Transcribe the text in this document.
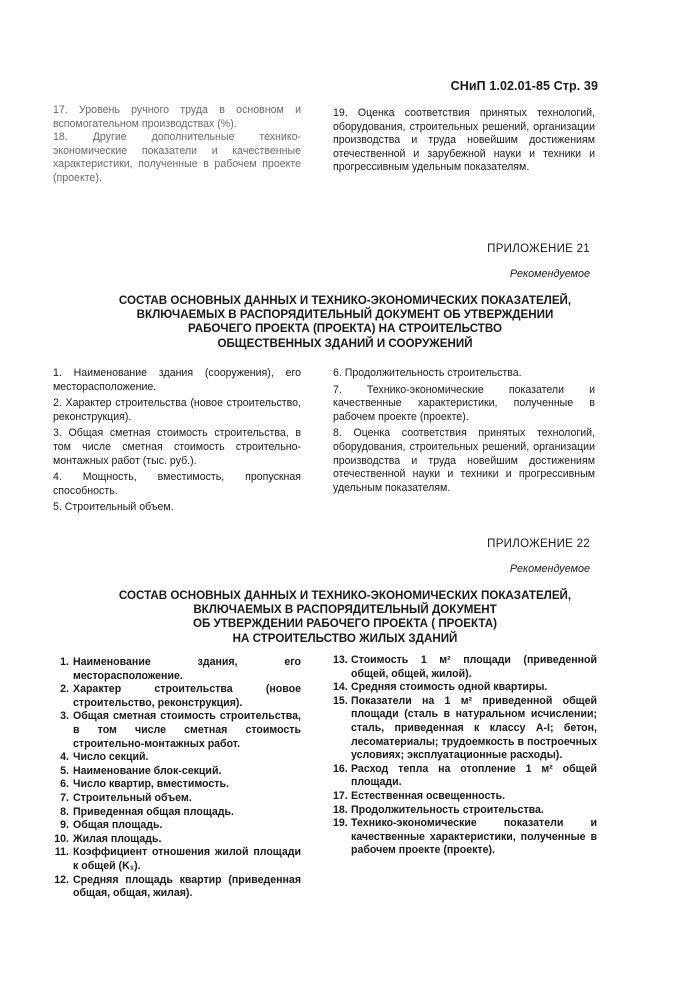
СНиП 1.02.01-85 Стр. 39

17. Уровень ручного труда в основном и вспомогательном производствах (%).

18. Другие дополнительные технико-экономические показатели и качественные характеристики, полученные в рабочем проекте (проекте).

19. Оценка соответствия принятых технологий, оборудования, строительных решений, организации производства и труда новейшим достижениям отечественной и зарубежной науки и техники и прогрессивным удельным показателям.

ПРИЛОЖЕНИЕ 21
Рекомендуемое
СОСТАВ ОСНОВНЫХ ДАННЫХ И ТЕХНИКО-ЭКОНОМИЧЕСКИХ ПОКАЗАТЕЛЕЙ,
ВКЛЮЧАЕМЫХ В РАСПОРЯДИТЕЛЬНЫЙ ДОКУМЕНТ ОБ УТВЕРЖДЕНИИ
РАБОЧЕГО ПРОЕКТА (ПРОЕКТА) НА СТРОИТЕЛЬСТВО
ОБЩЕСТВЕННЫХ ЗДАНИЙ И СООРУЖЕНИЙ

1. Наименование здания (сооружения), его месторасположение.

2. Характер строительства (новое строительство, реконструкция).

3. Общая сметная стоимость строительства, в том числе сметная стоимость строительно-монтажных работ (тыс. руб.).

4. Мощность, вместимость, пропускная способность.

5. Строительный объем.

6. Продолжительность строительства.

7. Технико-экономические показатели и качественные характеристики, полученные в рабочем проекте (проекте).

8. Оценка соответствия принятых технологий, оборудования, строительных решений, организации производства и труда новейшим достижениям отечественной науки и техники и прогрессивным удельным показателям.

ПРИЛОЖЕНИЕ 22
Рекомендуемое
СОСТАВ ОСНОВНЫХ ДАННЫХ И ТЕХНИКО-ЭКОНОМИЧЕСКИХ ПОКАЗАТЕЛЕЙ,
ВКЛЮЧАЕМЫХ В РАСПОРЯДИТЕЛЬНЫЙ ДОКУМЕНТ
ОБ УТВЕРЖДЕНИИ РАБОЧЕГО ПРОЕКТА ( ПРОЕКТА)
НА СТРОИТЕЛЬСТВО ЖИЛЫХ ЗДАНИЙ
1. Наименование здания, его месторасположение.
2. Характер строительства (новое строительство, реконструкция).
3. Общая сметная стоимость строительства, в том числе сметная стоимость строительно-монтажных работ.
4. Число секций.
5. Наименование блок-секций.
6. Число квартир, вместимость.
7. Строительный объем.
8. Приведенная общая площадь.
9. Общая площадь.
10. Жилая площадь.
11. Коэффициент отношения жилой площади к общей (K₁).
12. Средняя площадь квартир (приведенная общая, общая, жилая).
13. Стоимость 1 м² площади (приведенной общей, общей, жилой).
14. Средняя стоимость одной квартиры.
15. Показатели на 1 м² приведенной общей площади (сталь в натуральном исчислении; сталь, приведенная к классу А-I; бетон, лесоматериалы; трудоемкость в построечных условиях; эксплуатационные расходы).
16. Расход тепла на отопление 1 м² общей площади.
17. Естественная освещенность.
18. Продолжительность строительства.
19. Технико-экономические показатели и качественные характеристики, полученные в рабочем проекте (проекте).
